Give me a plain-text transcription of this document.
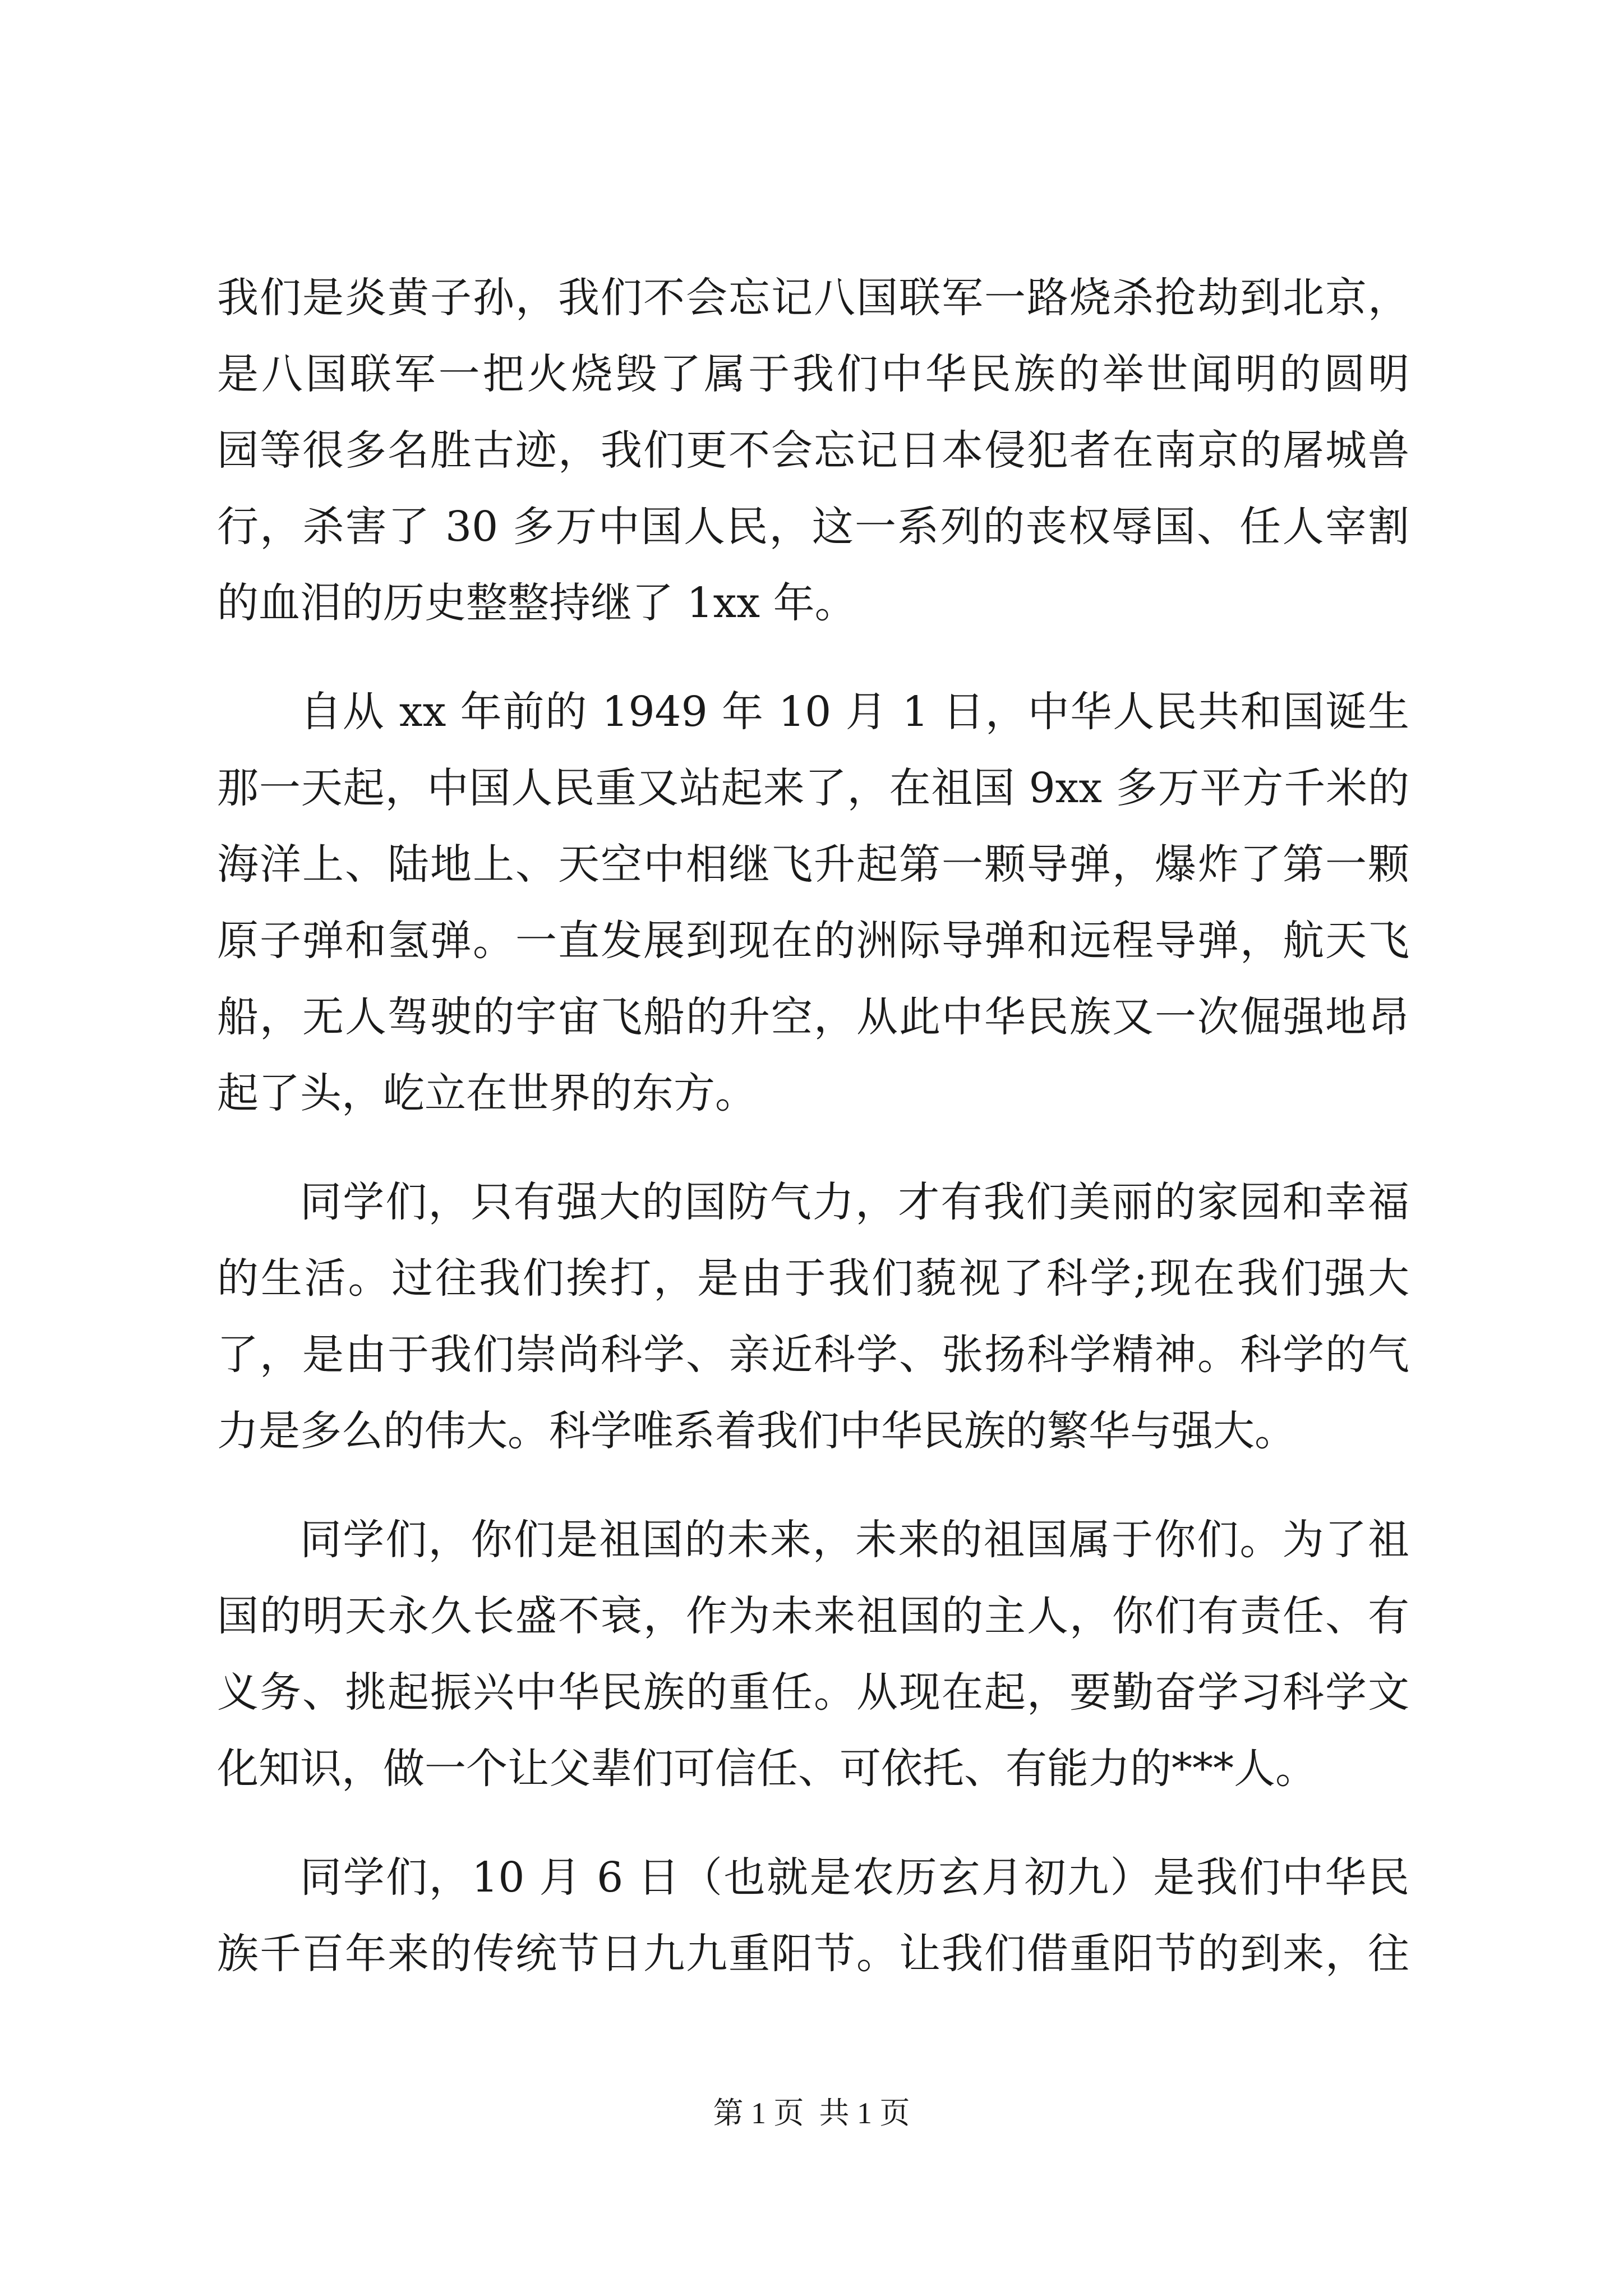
我们是炎黄子孙，我们不会忘记八国联军一路烧杀抢劫到北京，
是八国联军一把火烧毁了属于我们中华民族的举世闻明的圆明
园等很多名胜古迹，我们更不会忘记日本侵犯者在南京的屠城兽
行，杀害了 30 多万中国人民，这一系列的丧权辱国、任人宰割
的血泪的历史整整持继了 1xx 年。
自从 xx 年前的 1949 年 10 月 1 日，中华人民共和国诞生
那一天起，中国人民重又站起来了，在祖国 9xx 多万平方千米的
海洋上、陆地上、天空中相继飞升起第一颗导弹，爆炸了第一颗
原子弹和氢弹。一直发展到现在的洲际导弹和远程导弹，航天飞
船，无人驾驶的宇宙飞船的升空，从此中华民族又一次倔强地昂
起了头，屹立在世界的东方。
同学们，只有强大的国防气力，才有我们美丽的家园和幸福
的生活。过往我们挨打，是由于我们藐视了科学;现在我们强大
了，是由于我们崇尚科学、亲近科学、张扬科学精神。科学的气
力是多么的伟大。科学唯系着我们中华民族的繁华与强大。
同学们，你们是祖国的未来，未来的祖国属于你们。为了祖
国的明天永久长盛不衰，作为未来祖国的主人，你们有责任、有
义务、挑起振兴中华民族的重任。从现在起，要勤奋学习科学文
化知识，做一个让父辈们可信任、可依托、有能力的***人。
同学们，10 月 6 日（也就是农历玄月初九）是我们中华民
族千百年来的传统节日九九重阳节。让我们借重阳节的到来，往
第 1 页  共 1 页
